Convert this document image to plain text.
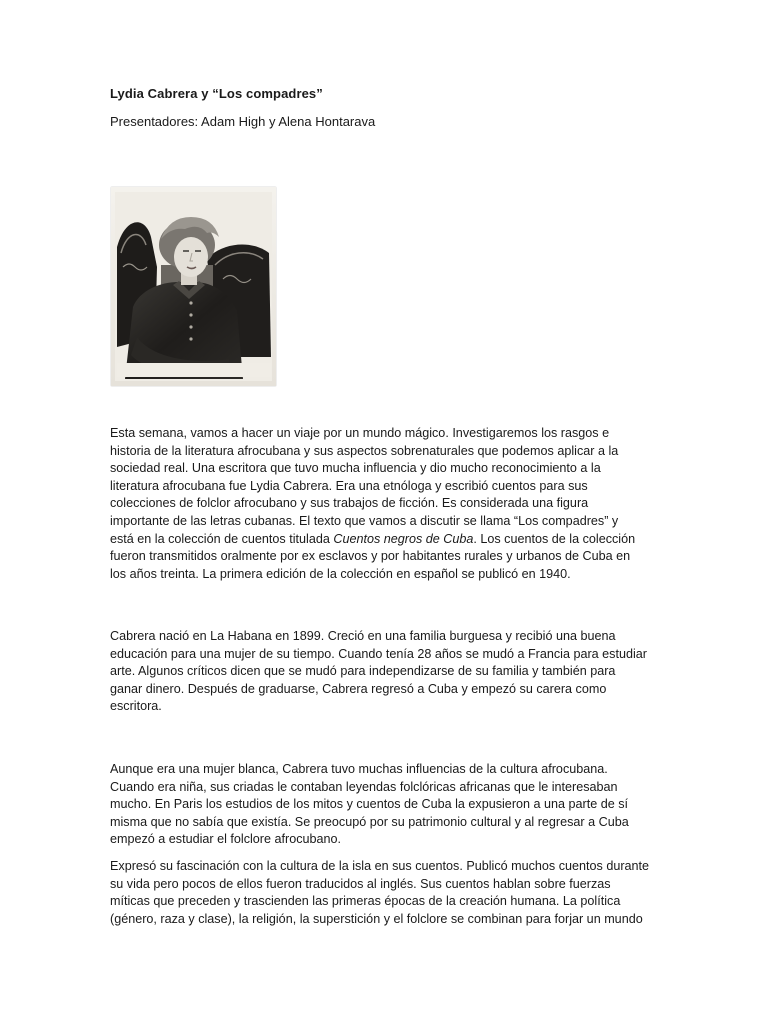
Lydia Cabrera y “Los compadres”
Presentadores: Adam High y Alena Hontarava
Esta semana, vamos a hacer un viaje por un mundo mágico. Investigaremos los rasgos e
historia de la literatura afrocubana y sus aspectos sobrenaturales que podemos aplicar a la
sociedad real. Una escritora que tuvo mucha influencia y dio mucho reconocimiento a la
literatura afrocubana fue Lydia Cabrera. Era una etnóloga y escribió cuentos para sus
colecciones de folclor afrocubano y sus trabajos de ficción. Es considerada una figura
importante de las letras cubanas. El texto que vamos a discutir se llama “Los compadres” y
está en la colección de cuentos titulada Cuentos negros de Cuba. Los cuentos de la colección
fueron transmitidos oralmente por ex esclavos y por habitantes rurales y urbanos de Cuba en
los años treinta. La primera edición de la colección en español se publicó en 1940.
Cabrera nació en La Habana en 1899. Creció en una familia burguesa y recibió una buena
educación para una mujer de su tiempo. Cuando tenía 28 años se mudó a Francia para estudiar
arte. Algunos críticos dicen que se mudó para independizarse de su familia y también para
ganar dinero. Después de graduarse, Cabrera regresó a Cuba y empezó su carera como
escritora.
Aunque era una mujer blanca, Cabrera tuvo muchas influencias de la cultura afrocubana.
Cuando era niña, sus criadas le contaban leyendas folclóricas africanas que le interesaban
mucho. En Paris los estudios de los mitos y cuentos de Cuba la expusieron a una parte de sí
misma que no sabía que existía. Se preocupó por su patrimonio cultural y al regresar a Cuba
empezó a estudiar el folclore afrocubano.
Expresó su fascinación con la cultura de la isla en sus cuentos. Publicó muchos cuentos durante
su vida pero pocos de ellos fueron traducidos al inglés. Sus cuentos hablan sobre fuerzas
míticas que preceden y trascienden las primeras épocas de la creación humana. La política
(género, raza y clase), la religión, la superstición y el folclore se combinan para forjar un mundo
